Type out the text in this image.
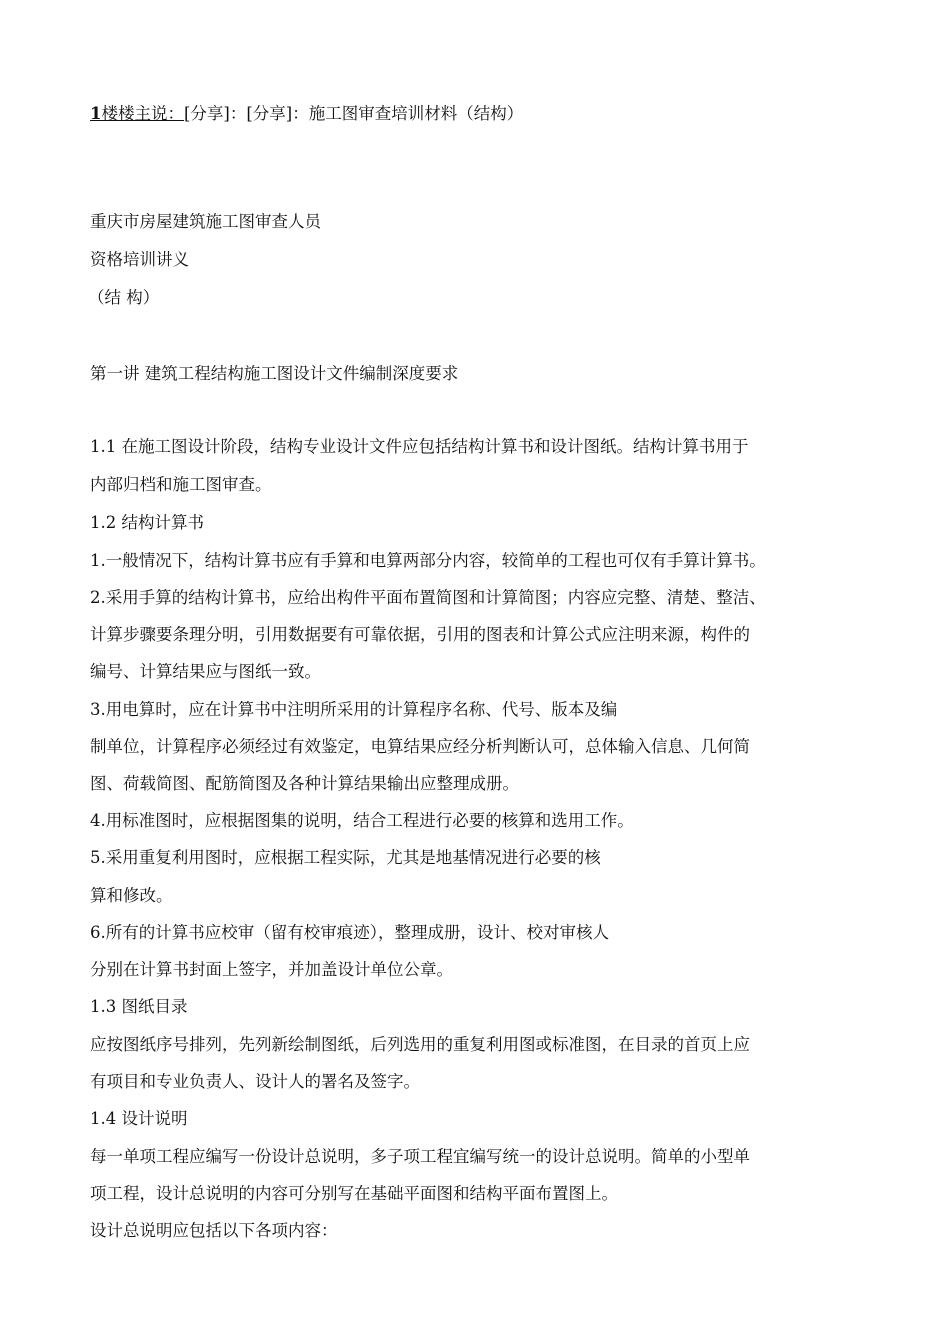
1楼楼主说：[分享]：[分享]：施工图审查培训材料（结构）
重庆市房屋建筑施工图审查人员
资格培训讲义
（结 构）
第一讲 建筑工程结构施工图设计文件编制深度要求
1.1 在施工图设计阶段，结构专业设计文件应包括结构计算书和设计图纸。结构计算书用于
内部归档和施工图审查。
1.2 结构计算书
1.一般情况下，结构计算书应有手算和电算两部分内容，较简单的工程也可仅有手算计算书。
2.采用手算的结构计算书，应给出构件平面布置简图和计算简图；内容应完整、清楚、整洁、
计算步骤要条理分明，引用数据要有可靠依据，引用的图表和计算公式应注明来源，构件的
编号、计算结果应与图纸一致。
3.用电算时，应在计算书中注明所采用的计算程序名称、代号、版本及编
制单位，计算程序必须经过有效鉴定，电算结果应经分析判断认可，总体输入信息、几何简
图、荷载简图、配筋简图及各种计算结果输出应整理成册。
4.用标准图时，应根据图集的说明，结合工程进行必要的核算和选用工作。
5.采用重复利用图时，应根据工程实际，尤其是地基情况进行必要的核
算和修改。
6.所有的计算书应校审（留有校审痕迹），整理成册，设计、校对审核人
分别在计算书封面上签字，并加盖设计单位公章。
1.3 图纸目录
应按图纸序号排列，先列新绘制图纸，后列选用的重复利用图或标准图，在目录的首页上应
有项目和专业负责人、设计人的署名及签字。
1.4 设计说明
每一单项工程应编写一份设计总说明，多子项工程宜编写统一的设计总说明。简单的小型单
项工程，设计总说明的内容可分别写在基础平面图和结构平面布置图上。
设计总说明应包括以下各项内容：
